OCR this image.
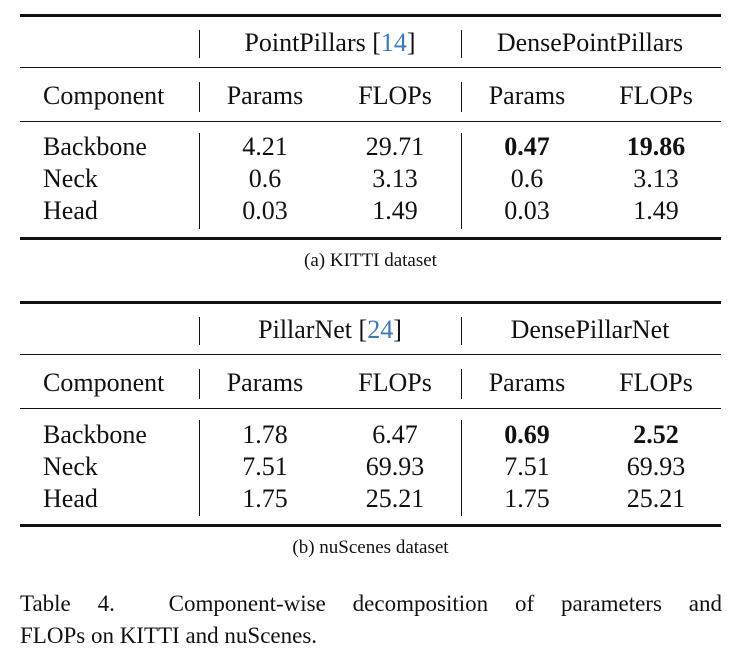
PointPillars [14]	DensePointPillars
Component Params FLOPs Params FLOPs
Backbone	4.21	29.71	0.47	19.86
Neck	0.6	3.13	0.6	3.13
Head	0.03	1.49	0.03	1.49
(a) KITTI dataset
PillarNet [24]	DensePillarNet
Component Params FLOPs Params FLOPs
Backbone	1.78	6.47	0.69	2.52
Neck	7.51	69.93	7.51	69.93
Head	1.75	25.21	1.75	25.21
(b) nuScenes dataset
Table 4. Component-wise decomposition of parameters and
FLOPs on KITTI and nuScenes.
